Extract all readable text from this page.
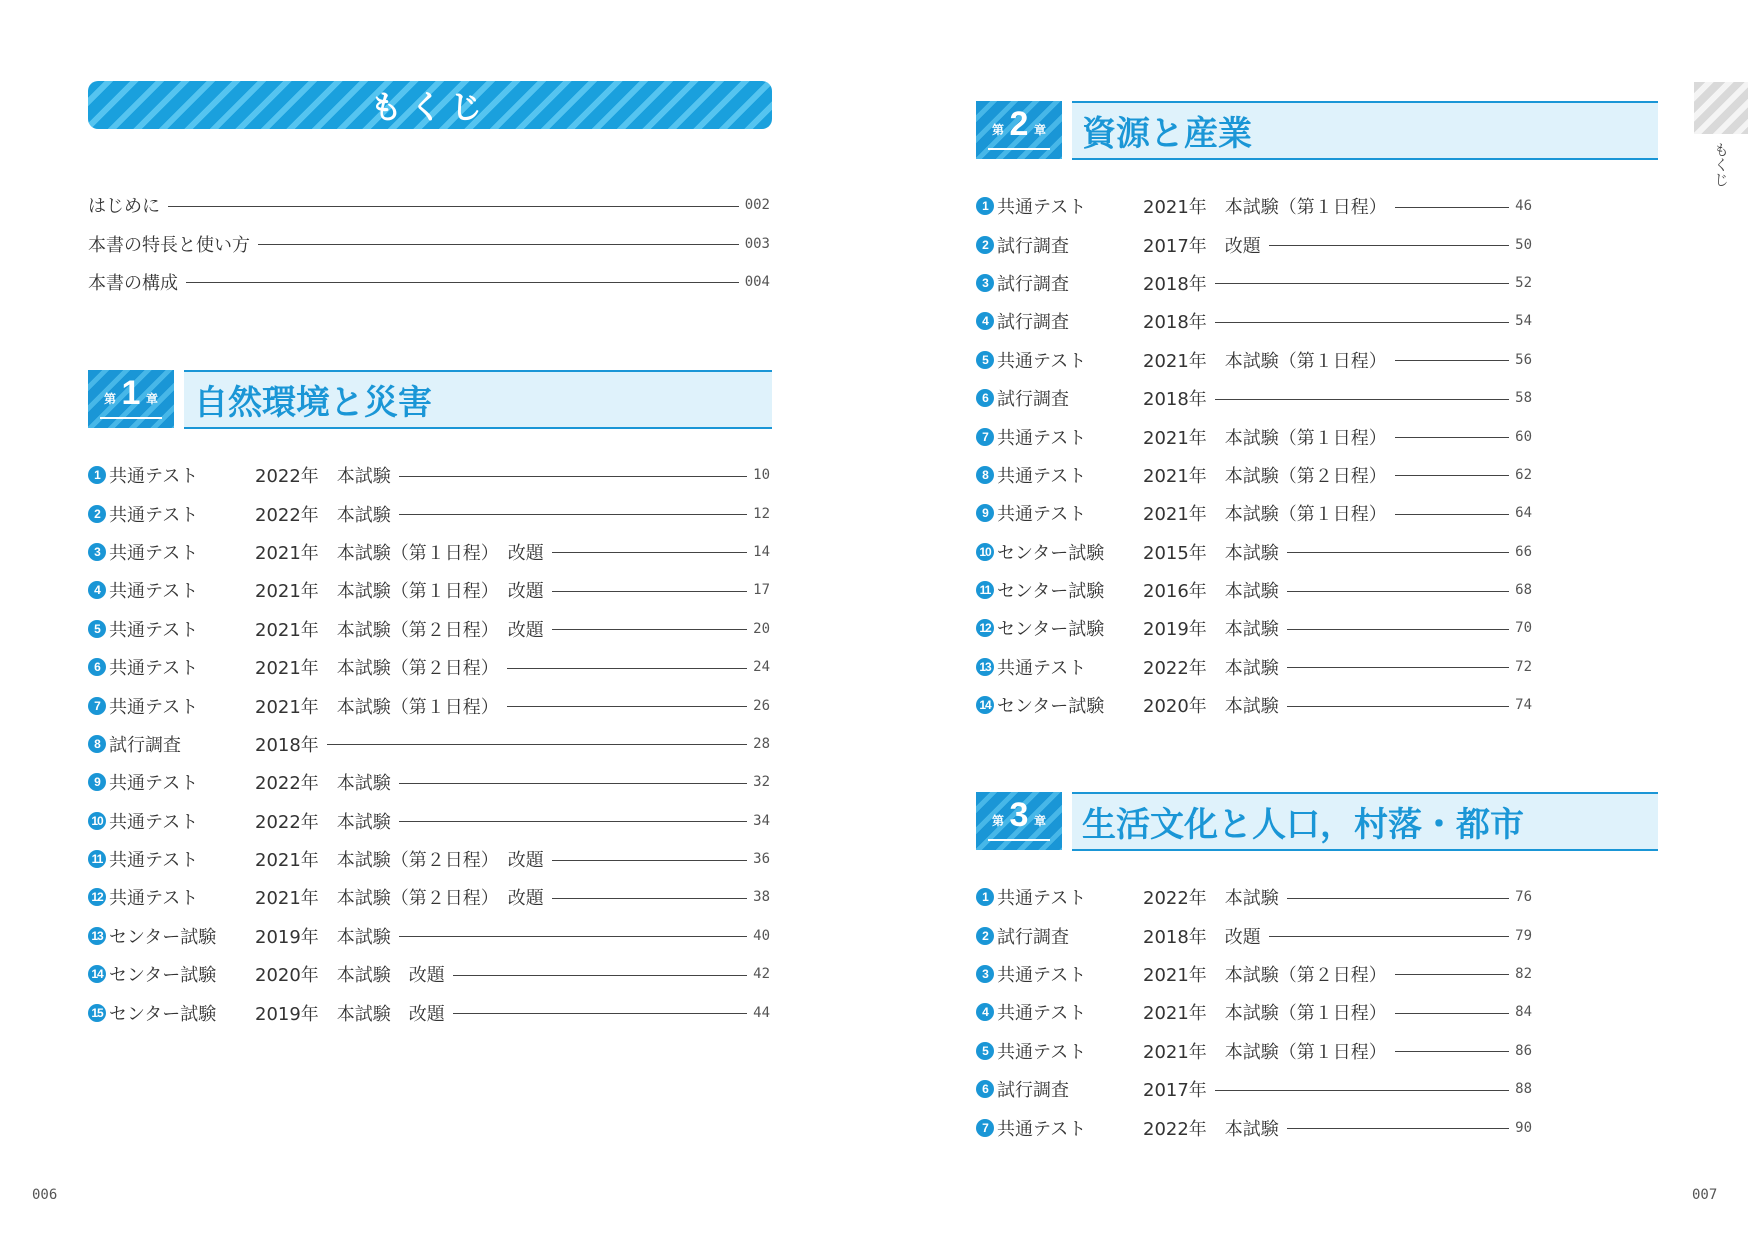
もくじ
はじめに	002
本書の特長と使い方	003
本書の構成	004
第 1 章 自然環境と災害
1 共通テスト	2022年　本試験	10
2 共通テスト	2022年　本試験	12
3 共通テスト	2021年　本試験（第１日程）　改題	14
4 共通テスト	2021年　本試験（第１日程）　改題	17
5 共通テスト	2021年　本試験（第２日程）　改題	20
6 共通テスト	2021年　本試験（第２日程）	24
7 共通テスト	2021年　本試験（第１日程）	26
8 試行調査	2018年	28
9 共通テスト	2022年　本試験	32
10 共通テスト	2022年　本試験	34
11 共通テスト	2021年　本試験（第２日程）　改題	36
12 共通テスト	2021年　本試験（第２日程）　改題	38
13 センター試験	2019年　本試験	40
14 センター試験	2020年　本試験　改題	42
15 センター試験	2019年　本試験　改題	44
006
第 2 章 資源と産業
1 共通テスト	2021年　本試験（第１日程）	46
2 試行調査	2017年　改題	50
3 試行調査	2018年	52
4 試行調査	2018年	54
5 共通テスト	2021年　本試験（第１日程）	56
6 試行調査	2018年	58
7 共通テスト	2021年　本試験（第１日程）	60
8 共通テスト	2021年　本試験（第２日程）	62
9 共通テスト	2021年　本試験（第１日程）	64
10 センター試験	2015年　本試験	66
11 センター試験	2016年　本試験	68
12 センター試験	2019年　本試験	70
13 共通テスト	2022年　本試験	72
14 センター試験	2020年　本試験	74
第 3 章 生活文化と人口，村落・都市
1 共通テスト	2022年　本試験	76
2 試行調査	2018年　改題	79
3 共通テスト	2021年　本試験（第２日程）	82
4 共通テスト	2021年　本試験（第１日程）	84
5 共通テスト	2021年　本試験（第１日程）	86
6 試行調査	2017年	88
7 共通テスト	2022年　本試験	90
007
もくじ
